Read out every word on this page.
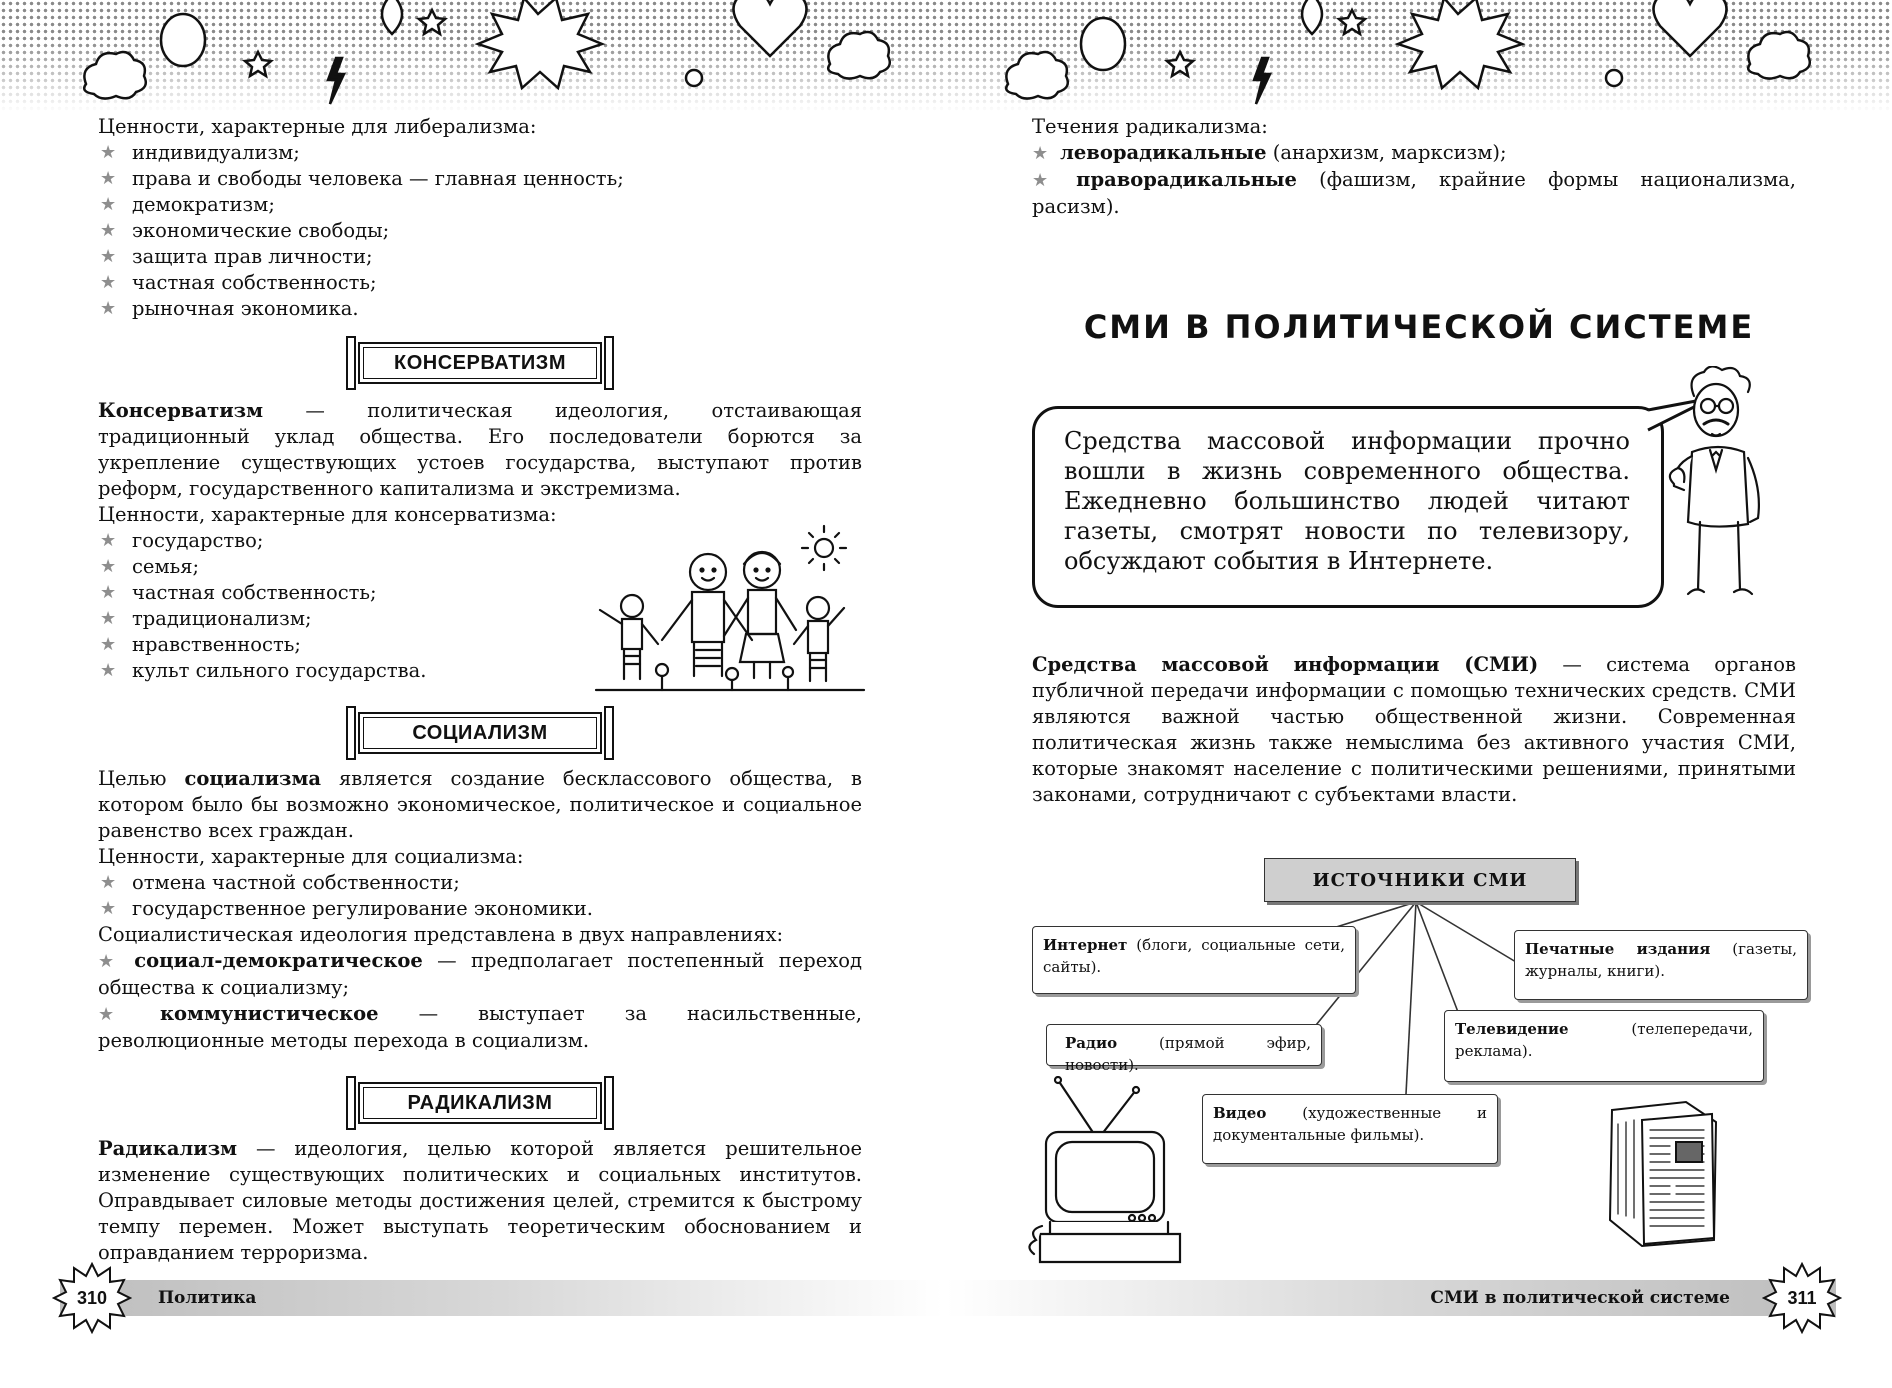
Ценности, характерные для либерализма:

★ индивидуализм;
★ права и свободы человека — главная ценность;
★ демократизм;
★ экономические свободы;
★ защита прав личности;
★ частная собственность;
★ рыночная экономика.
КОНСЕРВАТИЗМ

Консерватизм — политическая идеология, отстаивающая традиционный уклад общества. Его последователи борются за укрепление существующих устоев государства, выступают против реформ, государственного капитализма и экстремизма.

Ценности, характерные для консерватизма:

★ государство;
★ семья;
★ частная собственность;
★ традиционализм;
★ нравственность;
★ культ сильного государства.
СОЦИАЛИЗМ

Целью социализма является создание бесклассового общества, в котором было бы возможно экономическое, политическое и социальное равенство всех граждан.

Ценности, характерные для социализма:

★ отмена частной собственности;
★ государственное регулирование экономики.

Социалистическая идеология представлена в двух направлениях:

★ социал-демократическое — предполагает постепенный переход общества к социализму;

★ коммунистическое — выступает за насильственные, революционные методы перехода в социализм.

РАДИКАЛИЗМ

Радикализм — идеология, целью которой является решительное изменение существующих политических и социальных институтов. Оправдывает силовые методы достижения целей, стремится к быстрому темпу перемен. Может выступать теоретическим обоснованием и оправданием терроризма.

Политика
310

Течения радикализма:

★ леворадикальные (анархизм, марксизм);

★ праворадикальные (фашизм, крайние формы национализма, расизм).

СМИ В ПОЛИТИЧЕСКОЙ СИСТЕМЕ
Средства массовой информации прочно вошли в жизнь современного общества. Ежедневно большинство людей читают газеты, смотрят новости по телевизору, обсуждают события в Интернете.

Средства массовой информации (СМИ) — система органов публичной передачи информации с помощью технических средств. СМИ являются важной частью общественной жизни. Современная политическая жизнь также немыслима без активного участия СМИ, которые знакомят население с политическими решениями, принятыми законами, сотрудничают с субъектами власти.

ИСТОЧНИКИ СМИ
Интернет (блоги, социальные сети, сайты).
Печатные издания (газеты, журналы, книги).
Радио (прямой эфир, новости).
Телевидение (телепередачи, реклама).
Видео (художественные и документальные фильмы).
СМИ в политической системе	311
